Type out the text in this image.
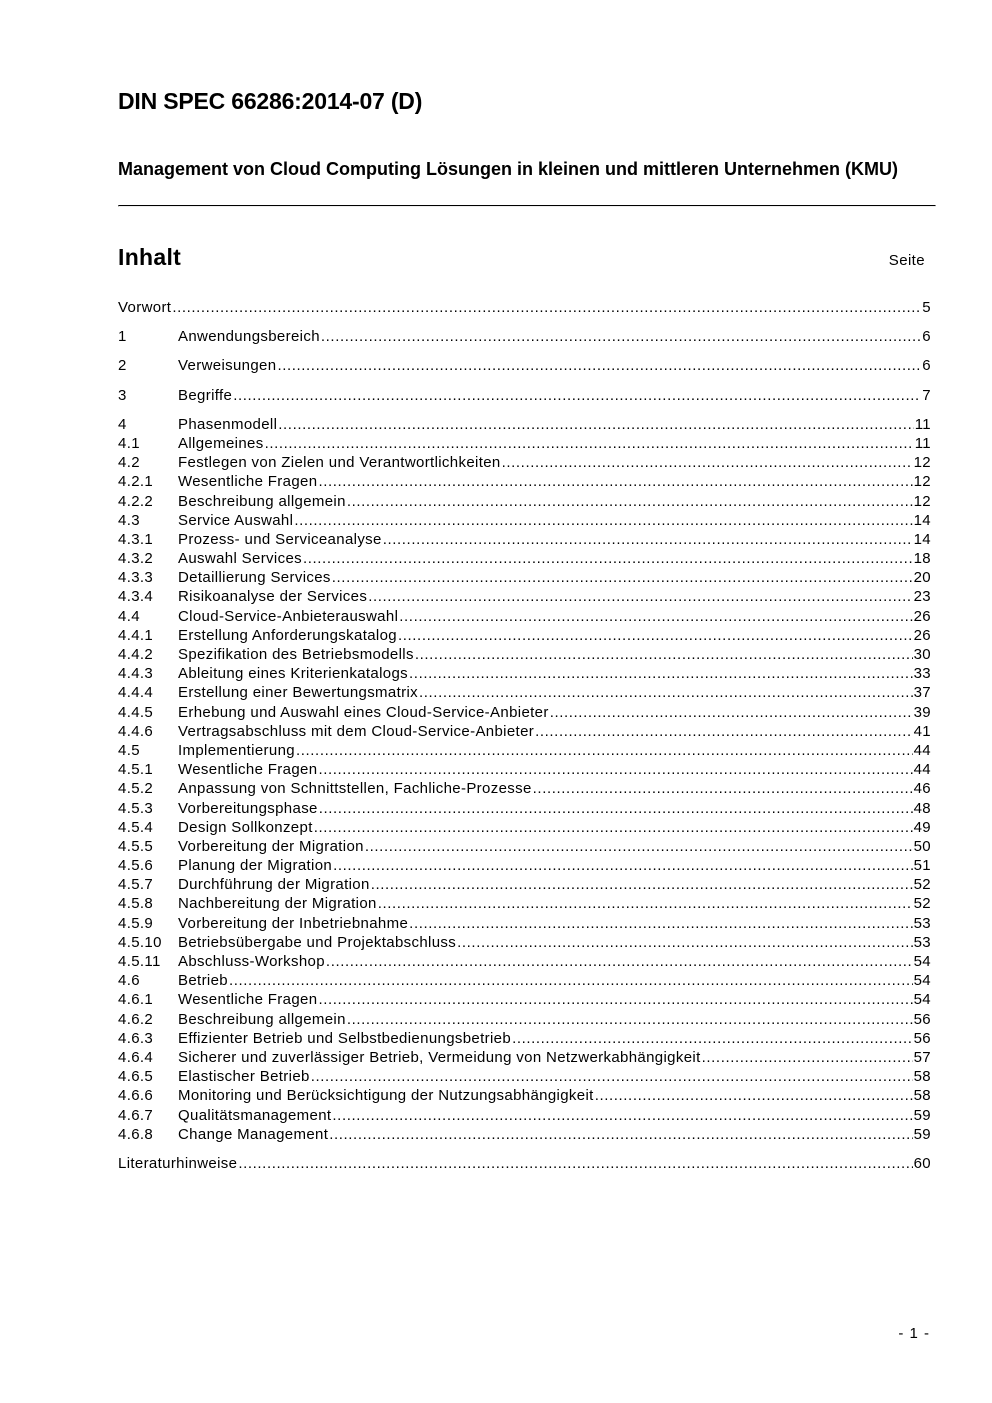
DIN SPEC 66286:2014-07 (D)
Management von Cloud Computing Lösungen in kleinen und mittleren Unternehmen (KMU)
Inhalt	Seite
Vorwort .....	5
1	Anwendungsbereich .....	6
2	Verweisungen .....	6
3	Begriffe .....	7
4	Phasenmodell .....	11
4.1	Allgemeines .....	11
4.2	Festlegen von Zielen und Verantwortlichkeiten .....	12
4.2.1	Wesentliche Fragen .....	12
4.2.2	Beschreibung allgemein .....	12
4.3	Service Auswahl .....	14
4.3.1	Prozess- und Serviceanalyse .....	14
4.3.2	Auswahl Services .....	18
4.3.3	Detaillierung Services .....	20
4.3.4	Risikoanalyse der Services .....	23
4.4	Cloud-Service-Anbieterauswahl .....	26
4.4.1	Erstellung Anforderungskatalog .....	26
4.4.2	Spezifikation des Betriebsmodells .....	30
4.4.3	Ableitung eines Kriterienkatalogs .....	33
4.4.4	Erstellung einer Bewertungsmatrix .....	37
4.4.5	Erhebung und Auswahl eines Cloud-Service-Anbieter .....	39
4.4.6	Vertragsabschluss mit dem Cloud-Service-Anbieter .....	41
4.5	Implementierung .....	44
4.5.1	Wesentliche Fragen .....	44
4.5.2	Anpassung von Schnittstellen, Fachliche-Prozesse .....	46
4.5.3	Vorbereitungsphase .....	48
4.5.4	Design Sollkonzept .....	49
4.5.5	Vorbereitung der Migration .....	50
4.5.6	Planung der Migration .....	51
4.5.7	Durchführung der Migration .....	52
4.5.8	Nachbereitung der Migration .....	52
4.5.9	Vorbereitung der Inbetriebnahme .....	53
4.5.10	Betriebsübergabe und Projektabschluss .....	53
4.5.11	Abschluss-Workshop .....	54
4.6	Betrieb .....	54
4.6.1	Wesentliche Fragen .....	54
4.6.2	Beschreibung allgemein .....	56
4.6.3	Effizienter Betrieb und Selbstbedienungsbetrieb .....	56
4.6.4	Sicherer und zuverlässiger Betrieb, Vermeidung von Netzwerkabhängigkeit .....	57
4.6.5	Elastischer Betrieb .....	58
4.6.6	Monitoring und Berücksichtigung der Nutzungsabhängigkeit .....	58
4.6.7	Qualitätsmanagement .....	59
4.6.8	Change Management .....	59
Literaturhinweise .....	60
- 1 -
